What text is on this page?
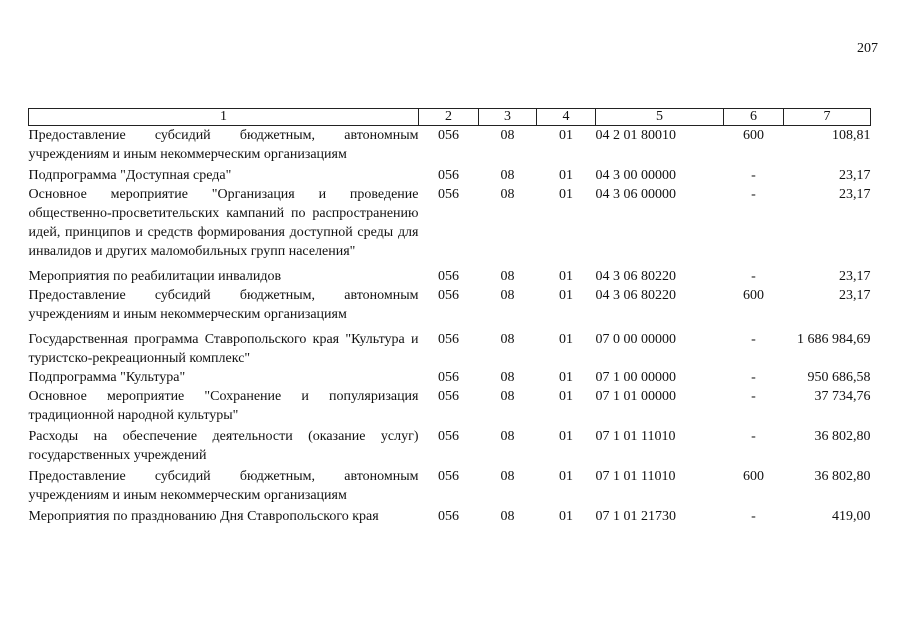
207
1	2	3	4	5	6	7
Предоставление субсидий бюджетным, автономным учреждениям и иным некоммерческим организациям	056	08	01	04 2 01 80010	600	108,81
Подпрограмма "Доступная среда"	056	08	01	04 3 00 00000	-	23,17
Основное мероприятие "Организация и проведение общественно-просветительских кампаний по распространению идей, принципов и средств формирования доступной среды для инвалидов и других маломобильных групп населения"	056	08	01	04 3 06 00000	-	23,17
Мероприятия по реабилитации инвалидов	056	08	01	04 3 06 80220	-	23,17
Предоставление субсидий бюджетным, автономным учреждениям и иным некоммерческим организациям	056	08	01	04 3 06 80220	600	23,17
Государственная программа Ставропольского края "Культура и туристско-рекреационный комплекс"	056	08	01	07 0 00 00000	-	1 686 984,69
Подпрограмма "Культура"	056	08	01	07 1 00 00000	-	950 686,58
Основное мероприятие "Сохранение и популяризация традиционной народной культуры"	056	08	01	07 1 01 00000	-	37 734,76
Расходы на обеспечение деятельности (оказание услуг) государственных учреждений	056	08	01	07 1 01 11010	-	36 802,80
Предоставление субсидий бюджетным, автономным учреждениям и иным некоммерческим организациям	056	08	01	07 1 01 11010	600	36 802,80
Мероприятия по празднованию Дня Ставропольского края	056	08	01	07 1 01 21730	-	419,00
